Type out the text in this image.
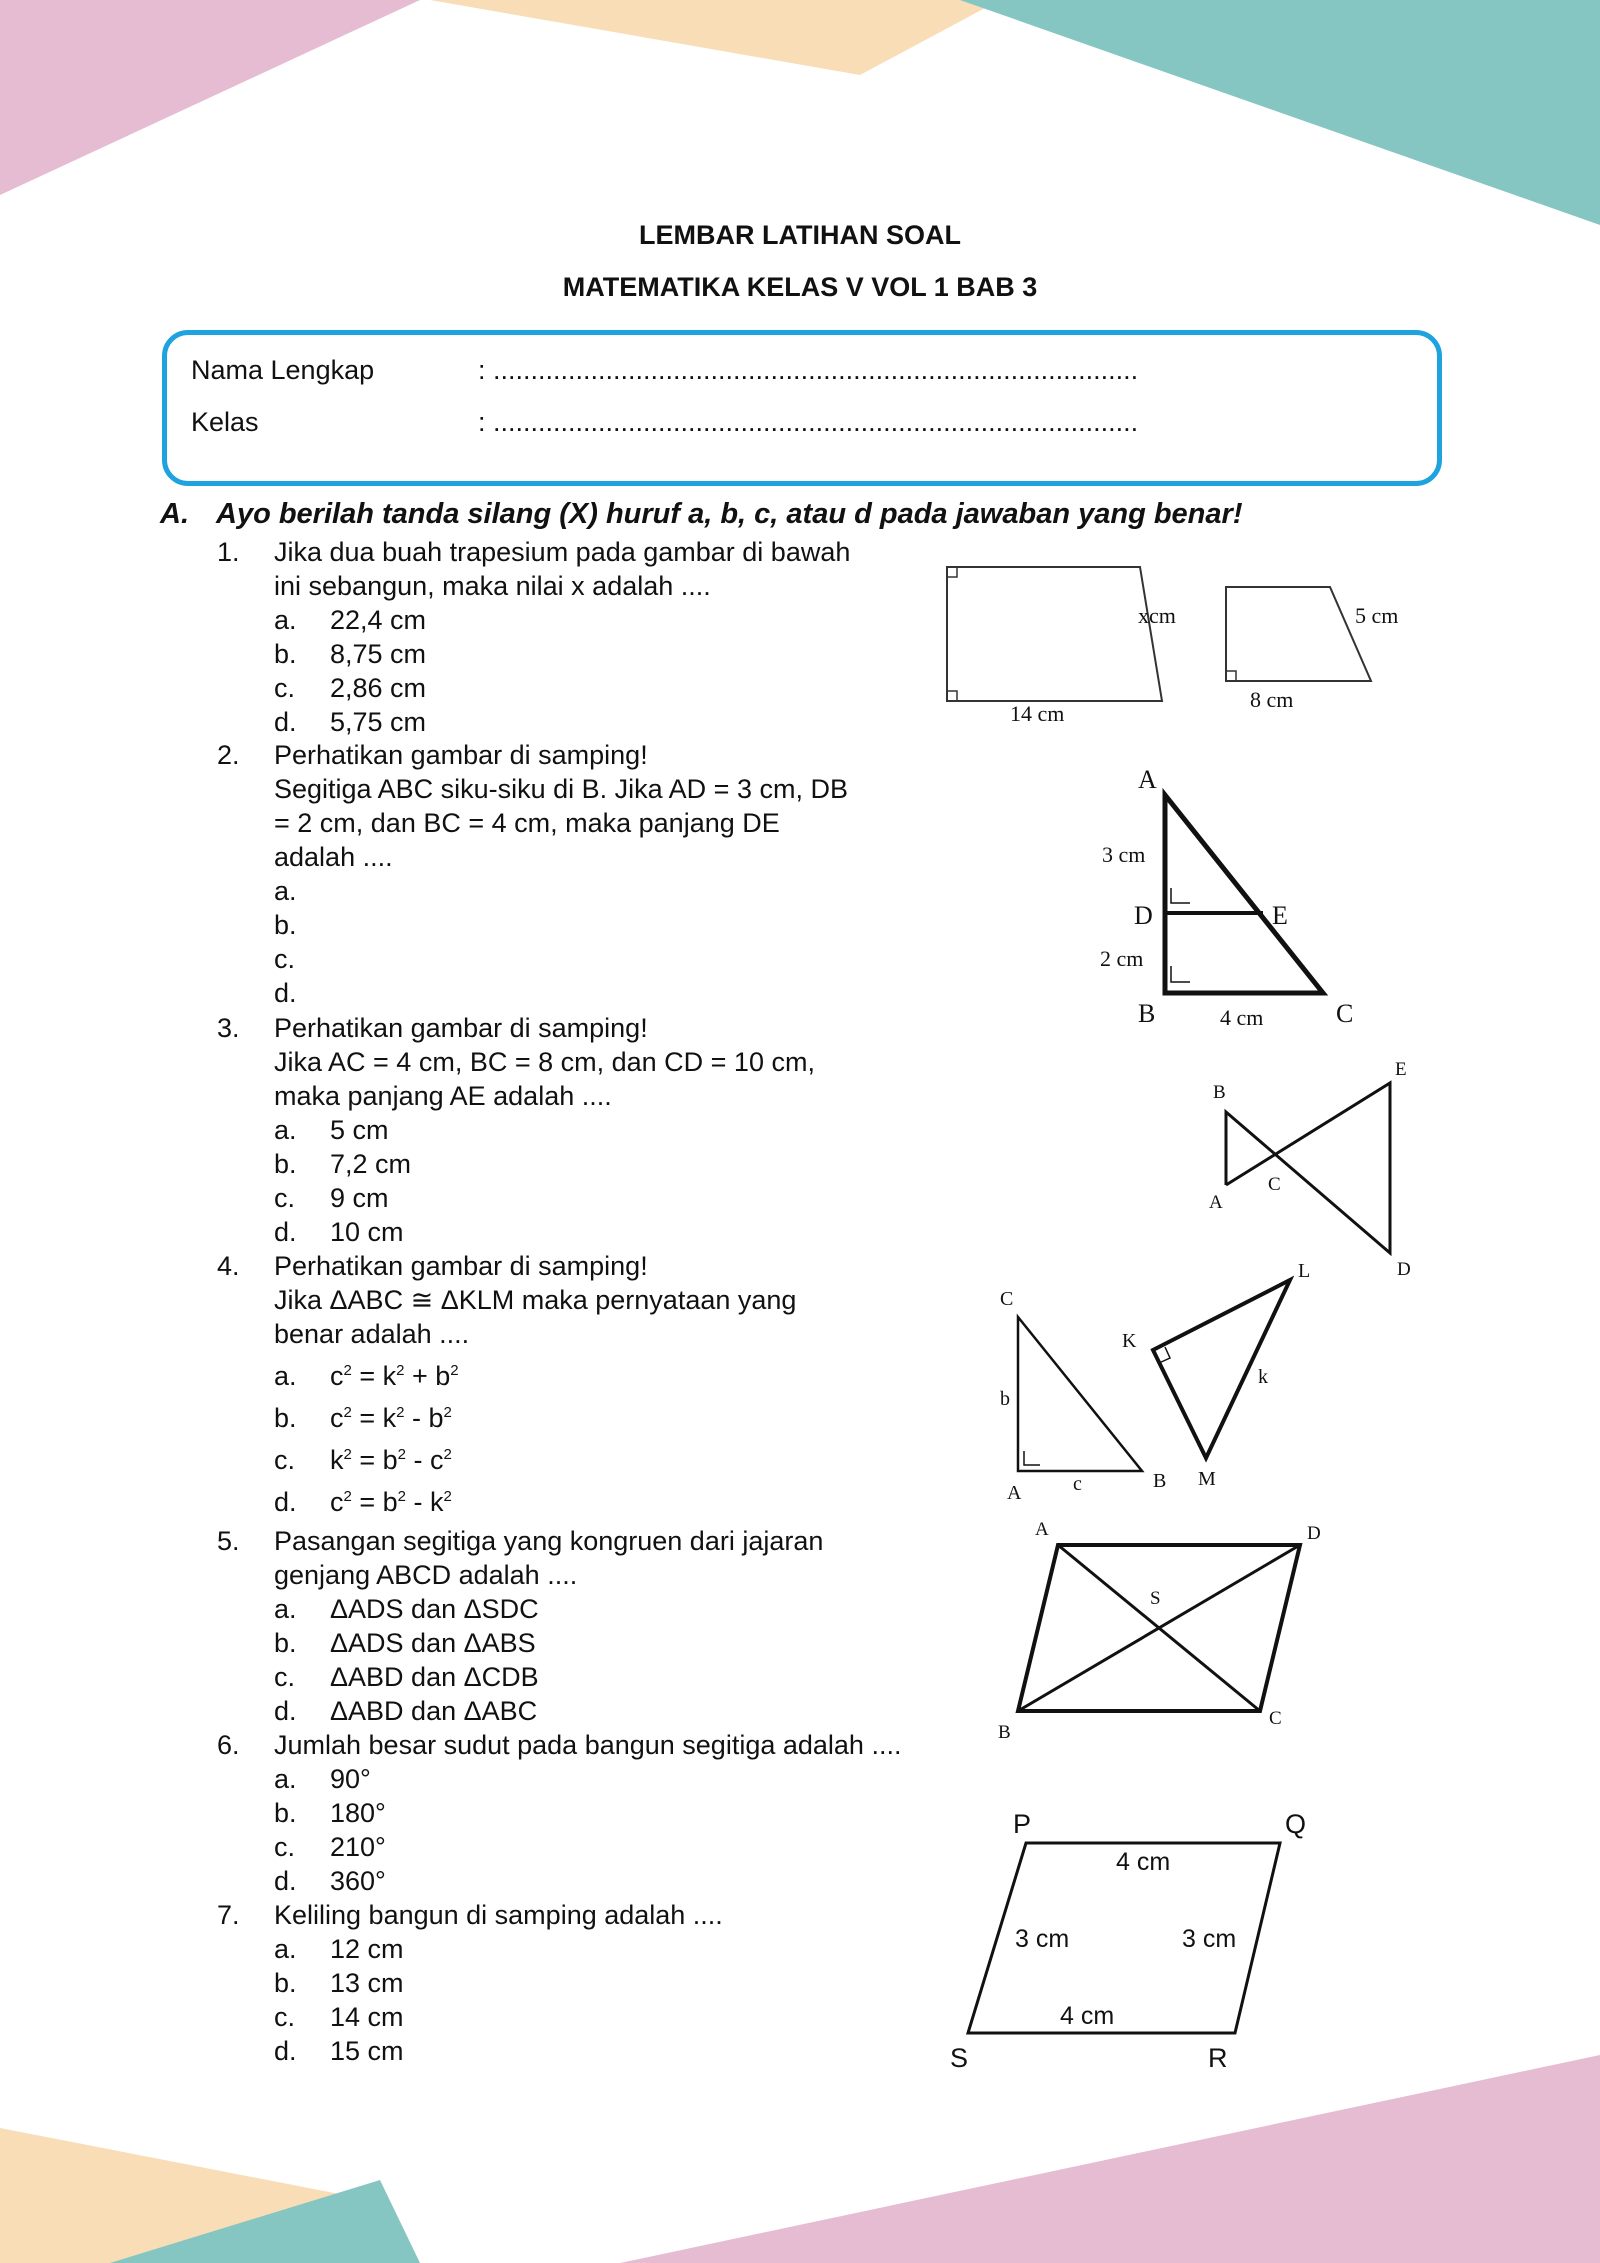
LEMBAR LATIHAN SOAL
MATEMATIKA KELAS V VOL 1 BAB 3
Nama Lengkap	: ......................................................................................
Kelas	: ......................................................................................
A. Ayo berilah tanda silang (X) huruf a, b, c, atau d pada jawaban yang benar!
1.	Jika dua buah trapesium pada gambar di bawah
ini sebangun, maka nilai x adalah ....
a. 22,4 cm
b. 8,75 cm
c. 2,86 cm
d. 5,75 cm
2.	Perhatikan gambar di samping!
Segitiga ABC siku-siku di B. Jika AD = 3 cm, DB
= 2 cm, dan BC = 4 cm, maka panjang DE
adalah ....
a.
b.
c.
d.
3.	Perhatikan gambar di samping!
Jika AC = 4 cm, BC = 8 cm, dan CD = 10 cm,
maka panjang AE adalah ....
a. 5 cm
b. 7,2 cm
c. 9 cm
d. 10 cm
4.	Perhatikan gambar di samping!
Jika ΔABC ≅ ΔKLM maka pernyataan yang
benar adalah ....
a. $c^2 = k^2 + b^2$
b. $c^2 = k^2 - b^2$
c. $k^2 = b^2 - c^2$
d. $c^2 = b^2 - k^2$
5.	Pasangan segitiga yang kongruen dari jajaran
genjang ABCD adalah ....
a. ΔADS dan ΔSDC
b. ΔADS dan ΔABS
c. ΔABD dan ΔCDB
d. ΔABD dan ΔABC
6.	Jumlah besar sudut pada bangun segitiga adalah ....
a. 90°
b. 180°
c. 210°
d. 360°
7.	Keliling bangun di samping adalah ....
a. 12 cm
b. 13 cm
c. 14 cm
d. 15 cm
xcm
14 cm
5 cm
8 cm
A
3 cm
D	E
2 cm
B	4 cm	C
B
E
C
A
D
C
b
A	c	B
K
L
k
M
A	D
S
B
C
P	Q
4 cm
3 cm	3 cm
4 cm
S	R
